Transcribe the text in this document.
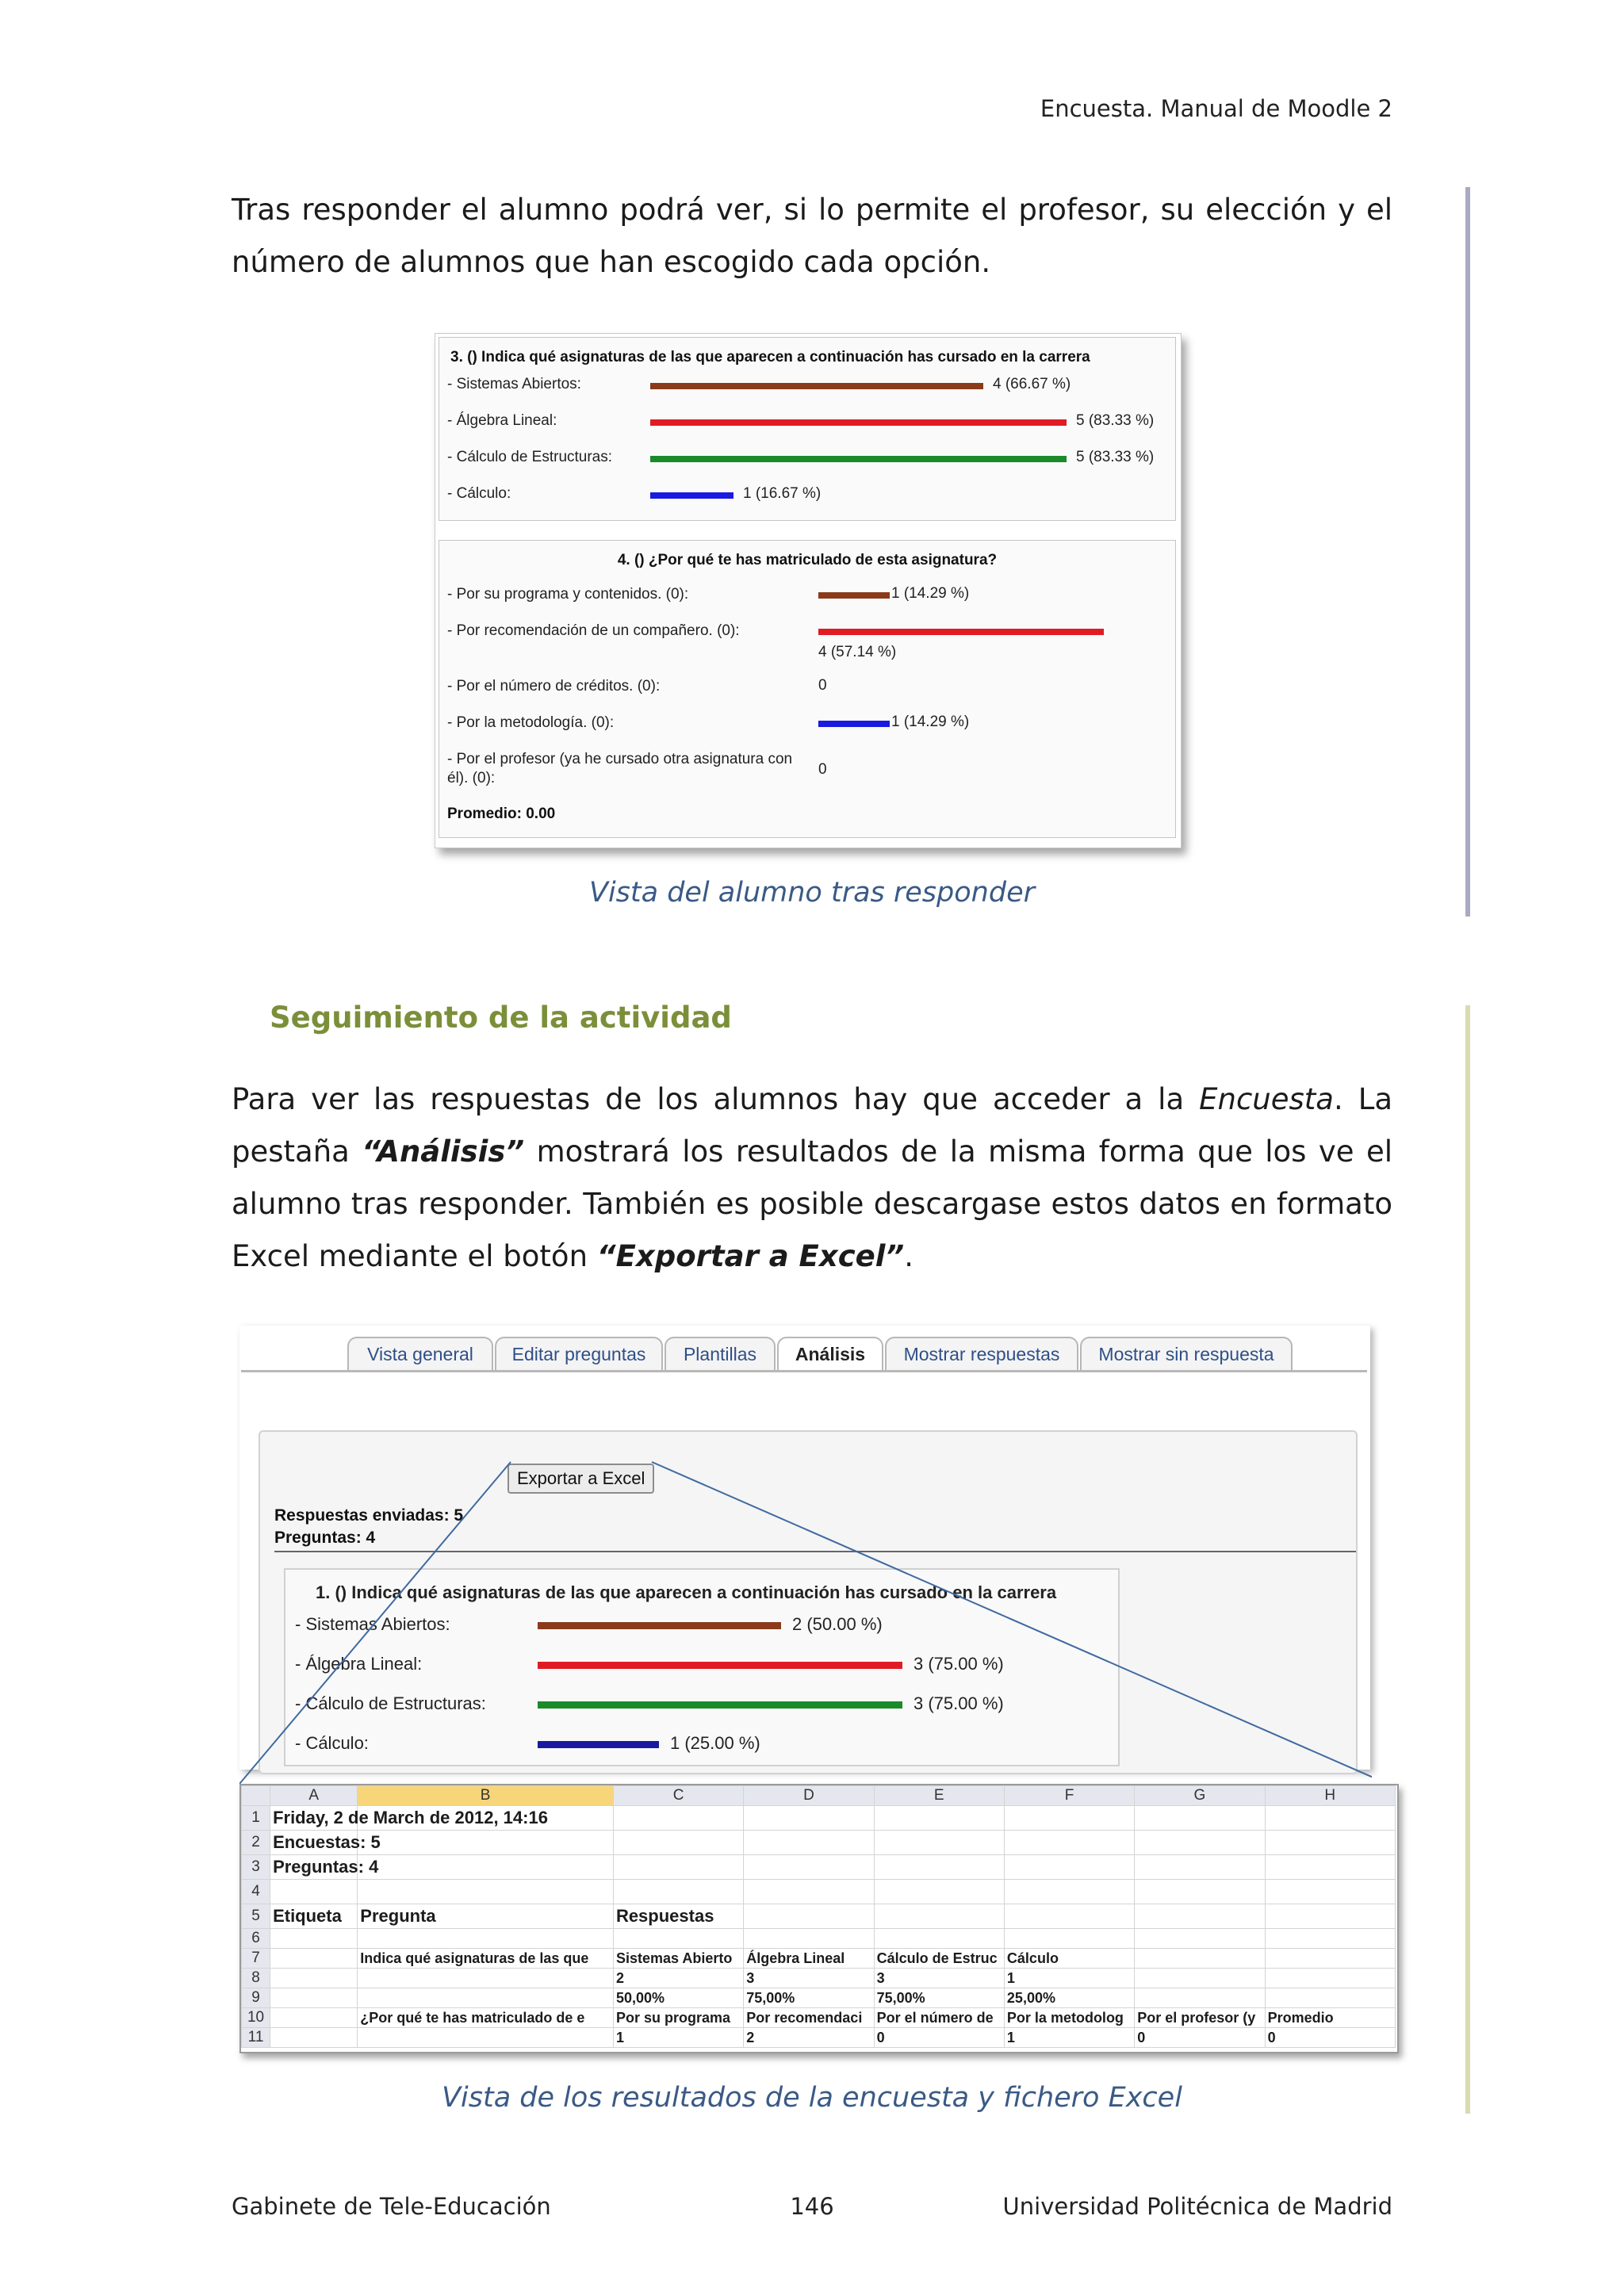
Encuesta. Manual de Moodle 2
Tras responder el alumno podrá ver, si lo permite el profesor, su elección y el número de alumnos que han escogido cada opción.
3. () Indica qué asignaturas de las que aparecen a continuación has cursado en la carrera
- Sistemas Abiertos:	4 (66.67 %)
- Álgebra Lineal:	5 (83.33 %)
- Cálculo de Estructuras:	5 (83.33 %)
- Cálculo:	1 (16.67 %)
4. () ¿Por qué te has matriculado de esta asignatura?
- Por su programa y contenidos. (0):	1 (14.29 %)
- Por recomendación de un compañero. (0):
4 (57.14 %)
- Por el número de créditos. (0):	0
- Por la metodología. (0):	1 (14.29 %)
- Por el profesor (ya he cursado otra asignatura con él). (0):
0
Promedio: 0.00
Vista del alumno tras responder
Seguimiento de la actividad
Para ver las respuestas de los alumnos hay que acceder a la Encuesta. La pestaña “Análisis” mostrará los resultados de la misma forma que los ve el alumno tras responder. También es posible descargase estos datos en formato Excel mediante el botón “Exportar a Excel”.
Vista general	Editar preguntas	Plantillas	Análisis	Mostrar respuestas	Mostrar sin respuesta
Exportar a Excel
Respuestas enviadas: 5
Preguntas: 4
1. () Indica qué asignaturas de las que aparecen a continuación has cursado en la carrera
- Sistemas Abiertos:	2 (50.00 %)
- Álgebra Lineal:	3 (75.00 %)
- Cálculo de Estructuras:	3 (75.00 %)
- Cálculo:	1 (25.00 %)
	A	B	C	D	E	F	G	H
1	Friday, 2 de March de 2012, 14:16							
2	Encuestas: 5							
3	Preguntas: 4							
4								
5	Etiqueta	Pregunta	Respuestas					
6								
7		Indica qué asignaturas de las que	Sistemas Abierto	Álgebra Lineal	Cálculo de Estruc	Cálculo		
8			2	3	3	1		
9			50,00%	75,00%	75,00%	25,00%		
10		¿Por qué te has matriculado de e	Por su programa	Por recomendaci	Por el número de	Por la metodolog	Por el profesor (y	Promedio
11			1	2	0	1	0	0
Vista de los resultados de la encuesta y fichero Excel
Gabinete de Tele-Educación	146	Universidad Politécnica de Madrid
